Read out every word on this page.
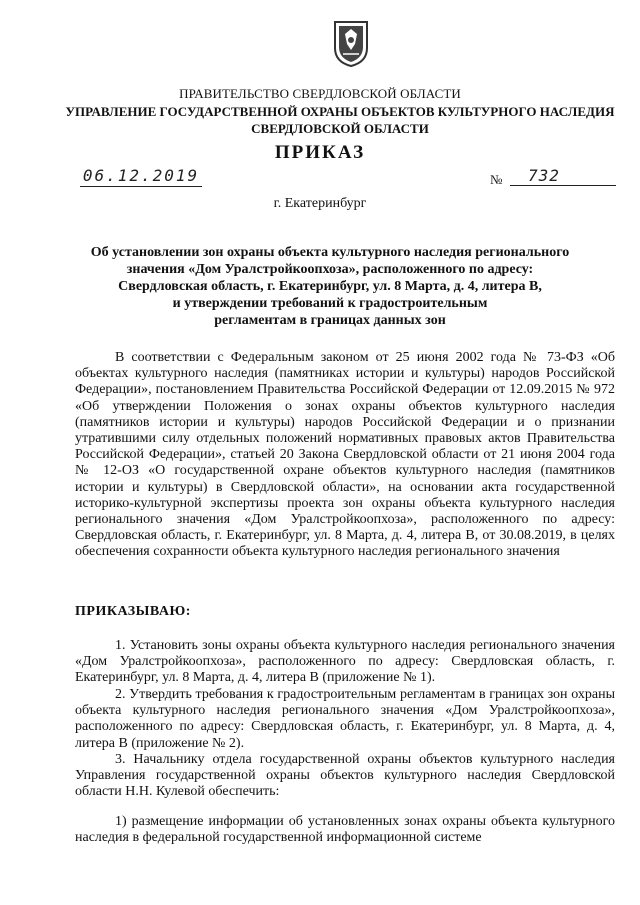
ПРАВИТЕЛЬСТВО СВЕРДЛОВСКОЙ ОБЛАСТИ
УПРАВЛЕНИЕ ГОСУДАРСТВЕННОЙ ОХРАНЫ ОБЪЕКТОВ КУЛЬТУРНОГО НАСЛЕДИЯ
СВЕРДЛОВСКОЙ ОБЛАСТИ
ПРИКАЗ
06.12.2019	№	732
г. Екатеринбург
Об установлении зон охраны объекта культурного наследия регионального
значения «Дом Уралстройкоопхоза», расположенного по адресу:
Свердловская область, г. Екатеринбург, ул. 8 Марта, д. 4, литера В,
и утверждении требований к градостроительным
регламентам в границах данных зон
В соответствии с Федеральным законом от 25 июня 2002 года № 73-ФЗ «Об объектах культурного наследия (памятниках истории и культуры) народов Российской Федерации», постановлением Правительства Российской Федерации от 12.09.2015 № 972 «Об утверждении Положения о зонах охраны объектов культурного наследия (памятников истории и культуры) народов Российской Федерации и о признании утратившими силу отдельных положений нормативных правовых актов Правительства Российской Федерации», статьей 20 Закона Свердловской области от 21 июня 2004 года № 12-ОЗ «О государственной охране объектов культурного наследия (памятников истории и культуры) в Свердловской области», на основании акта государственной историко-культурной экспертизы проекта зон охраны объекта культурного наследия регионального значения «Дом Уралстройкоопхоза», расположенного по адресу: Свердловская область, г. Екатеринбург, ул. 8 Марта, д. 4, литера В, от 30.08.2019, в целях обеспечения сохранности объекта культурного наследия регионального значения
ПРИКАЗЫВАЮ:
1. Установить зоны охраны объекта культурного наследия регионального значения «Дом Уралстройкоопхоза», расположенного по адресу: Свердловская область, г. Екатеринбург, ул. 8 Марта, д. 4, литера В (приложение № 1).
2. Утвердить требования к градостроительным регламентам в границах зон охраны объекта культурного наследия регионального значения «Дом Уралстройкоопхоза», расположенного по адресу: Свердловская область, г. Екатеринбург, ул. 8 Марта, д. 4, литера В (приложение № 2).
3. Начальнику отдела государственной охраны объектов культурного наследия Управления государственной охраны объектов культурного наследия Свердловской области Н.Н. Кулевой обеспечить:
1) размещение информации об установленных зонах охраны объекта культурного наследия в федеральной государственной информационной системе
